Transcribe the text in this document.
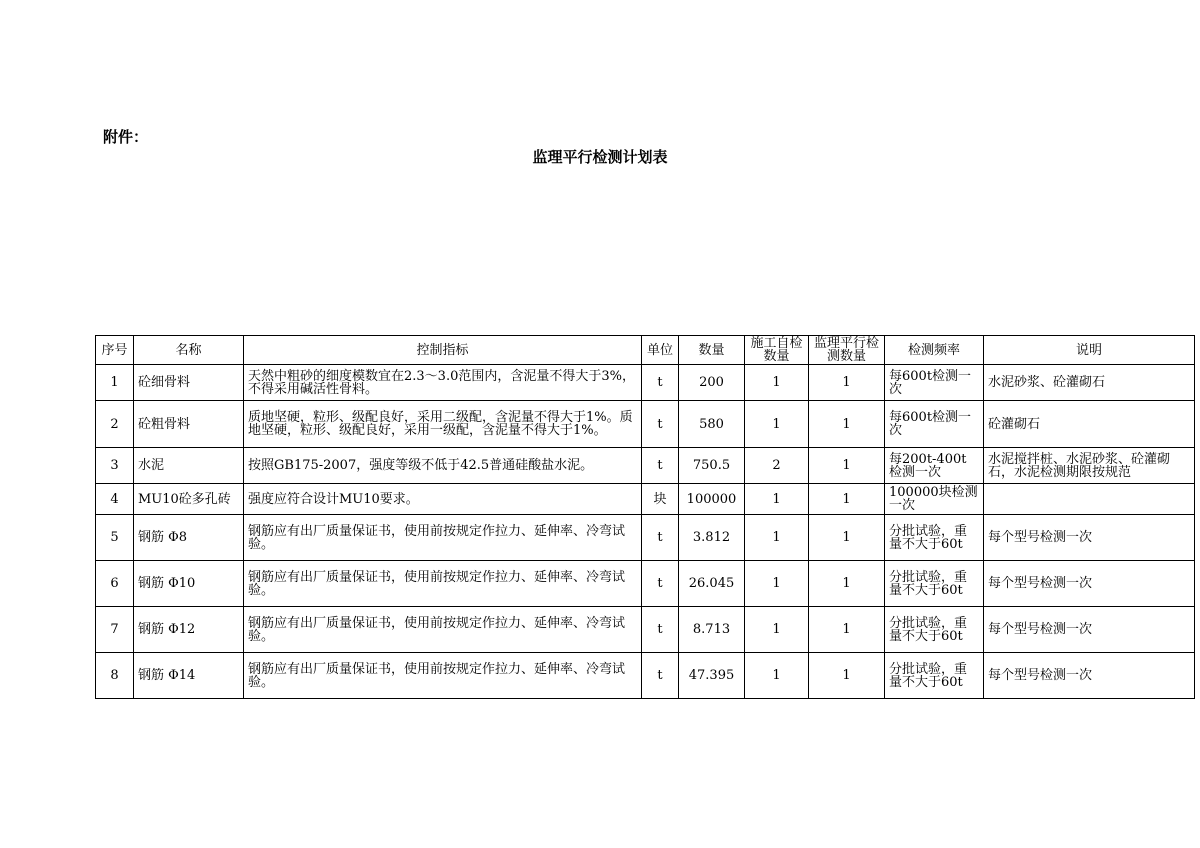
附件：
监理平行检测计划表
序号	名称	控制指标	单位	数量	施工自检数量	监理平行检测数量	检测频率	说明
1	砼细骨料	天然中粗砂的细度模数宜在2.3～3.0范围内，含泥量不得大于3%，不得采用碱活性骨料。	t	200	1	1	每600t检测一次	水泥砂浆、砼灌砌石
2	砼粗骨料	质地坚硬，粒形、级配良好，采用二级配，含泥量不得大于1%。质地坚硬，粒形、级配良好，采用一级配，含泥量不得大于1%。	t	580	1	1	每600t检测一次	砼灌砌石
3	水泥	按照GB175-2007，强度等级不低于42.5普通硅酸盐水泥。	t	750.5	2	1	每200t-400t检测一次	水泥搅拌桩、水泥砂浆、砼灌砌石，水泥检测期限按规范
4	MU10砼多孔砖	强度应符合设计MU10要求。	块	100000	1	1	100000块检测一次	
5	钢筋 Φ8	钢筋应有出厂质量保证书，使用前按规定作拉力、延伸率、冷弯试验。	t	3.812	1	1	分批试验，重量不大于60t	每个型号检测一次
6	钢筋 Φ10	钢筋应有出厂质量保证书，使用前按规定作拉力、延伸率、冷弯试验。	t	26.045	1	1	分批试验，重量不大于60t	每个型号检测一次
7	钢筋 Φ12	钢筋应有出厂质量保证书，使用前按规定作拉力、延伸率、冷弯试验。	t	8.713	1	1	分批试验，重量不大于60t	每个型号检测一次
8	钢筋 Φ14	钢筋应有出厂质量保证书，使用前按规定作拉力、延伸率、冷弯试验。	t	47.395	1	1	分批试验，重量不大于60t	每个型号检测一次
